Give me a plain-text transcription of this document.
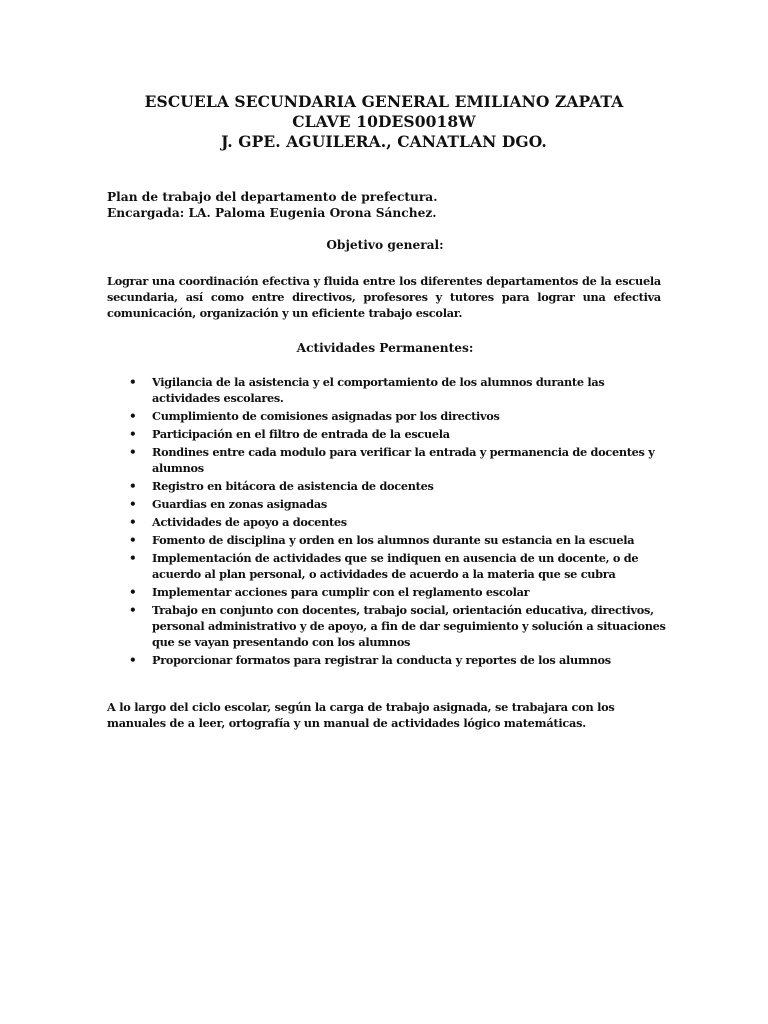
ESCUELA SECUNDARIA GENERAL EMILIANO ZAPATA
CLAVE 10DES0018W
J. GPE. AGUILERA., CANATLAN DGO.
Plan de trabajo del departamento de prefectura.
Encargada: LA. Paloma Eugenia Orona Sánchez.
Objetivo general:
Lograr una coordinación efectiva y fluida entre los diferentes departamentos de la escuela secundaria, así como entre directivos, profesores y tutores para lograr una efectiva comunicación, organización y un eficiente trabajo escolar.
Actividades Permanentes:
• Vigilancia de la asistencia y el comportamiento de los alumnos durante las actividades escolares.
• Cumplimiento de comisiones asignadas por los directivos
• Participación en el filtro de entrada de la escuela
• Rondines entre cada modulo para verificar la entrada y permanencia de docentes y alumnos
• Registro en bitácora de asistencia de docentes
• Guardias en zonas asignadas
• Actividades de apoyo a docentes
• Fomento de disciplina y orden en los alumnos durante su estancia en la escuela
• Implementación de actividades que se indiquen en ausencia de un docente, o de acuerdo al plan personal, o actividades de acuerdo a la materia que se cubra
• Implementar acciones para cumplir con el reglamento escolar
• Trabajo en conjunto con docentes, trabajo social, orientación educativa, directivos, personal administrativo y de apoyo, a fin de dar seguimiento y solución a situaciones que se vayan presentando con los alumnos
• Proporcionar formatos para registrar la conducta y reportes de los alumnos
A lo largo del ciclo escolar, según la carga de trabajo asignada, se trabajara con los manuales de a leer, ortografía y un manual de actividades lógico matemáticas.
